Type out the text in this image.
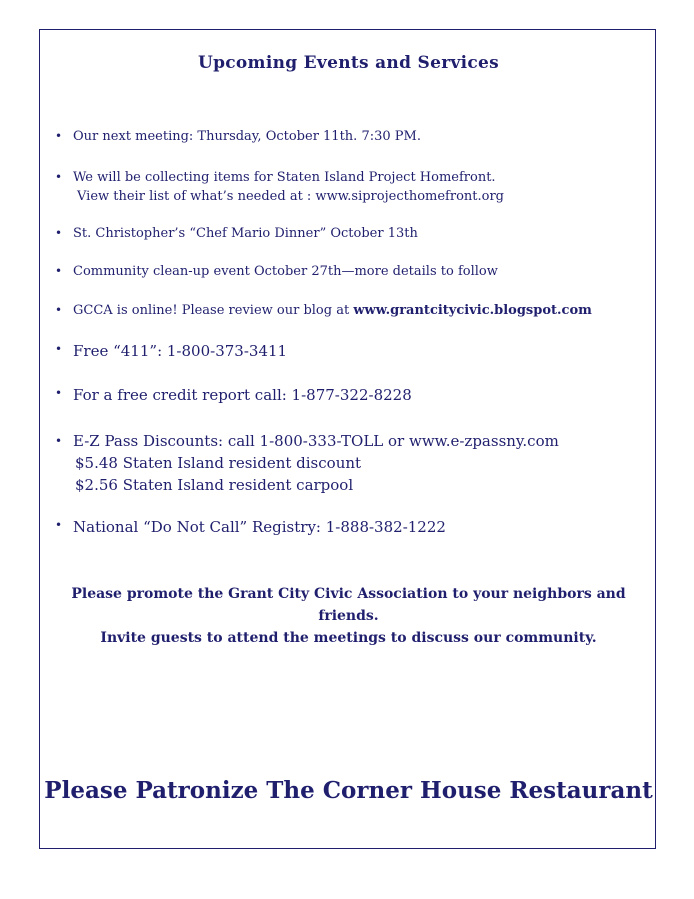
Upcoming Events and Services
• Our next meeting: Thursday, October 11th. 7:30 PM.
• We will be collecting items for Staten Island Project Homefront.
View their list of what’s needed at : www.siprojecthomefront.org
• St. Christopher’s “Chef Mario Dinner” October 13th
• Community clean-up event October 27th—more details to follow
• GCCA is online! Please review our blog at www.grantcitycivic.blogspot.com
• Free “411”: 1-800-373-3411
• For a free credit report call: 1-877-322-8228
• E-Z Pass Discounts: call 1-800-333-TOLL or www.e-zpassny.com
$5.48 Staten Island resident discount
$2.56 Staten Island resident carpool
• National “Do Not Call” Registry: 1-888-382-1222
Please promote the Grant City Civic Association to your neighbors and friends.
Invite guests to attend the meetings to discuss our community.
Please Patronize The Corner House Restaurant
